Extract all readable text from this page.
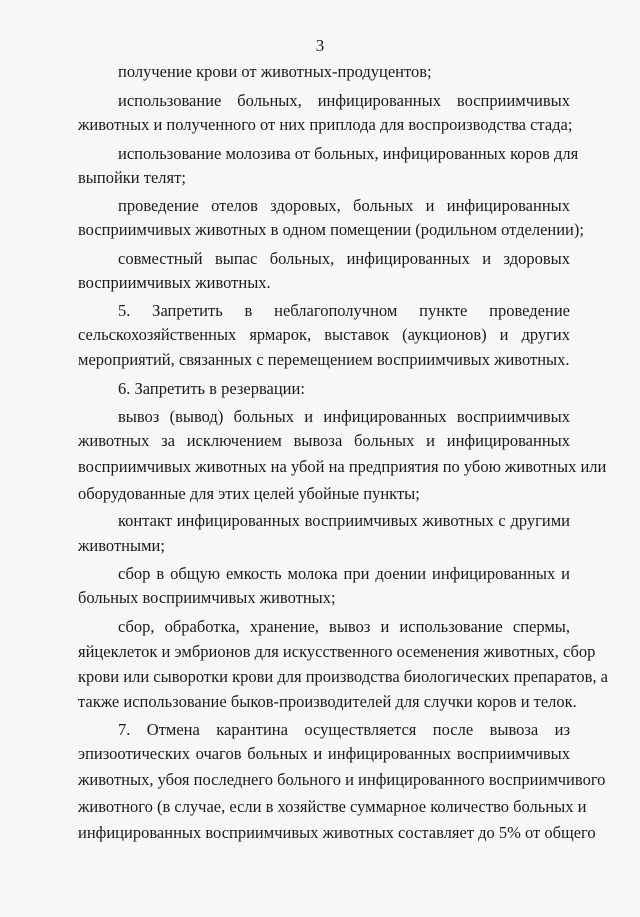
3
получение крови от животных-продуцентов;
использование больных, инфицированных восприимчивых
животных и полученного от них приплода для воспроизводства стада;
использование молозива от больных, инфицированных коров для
выпойки телят;
проведение отелов здоровых, больных и инфицированных
восприимчивых животных в одном помещении (родильном отделении);
совместный выпас больных, инфицированных и здоровых
восприимчивых животных.
5. Запретить в неблагополучном пункте проведение
сельскохозяйственных ярмарок, выставок (аукционов) и других
мероприятий, связанных с перемещением восприимчивых животных.
6. Запретить в резервации:
вывоз (вывод) больных и инфицированных восприимчивых
животных за исключением вывоза больных и инфицированных
восприимчивых животных на убой на предприятия по убою животных или
оборудованные для этих целей убойные пункты;
контакт инфицированных восприимчивых животных с другими
животными;
сбор в общую емкость молока при доении инфицированных и
больных восприимчивых животных;
сбор, обработка, хранение, вывоз и использование спермы,
яйцеклеток и эмбрионов для искусственного осеменения животных, сбор
крови или сыворотки крови для производства биологических препаратов, а
также использование быков-производителей для случки коров и телок.
7. Отмена карантина осуществляется после вывоза из
эпизоотических очагов больных и инфицированных восприимчивых
животных, убоя последнего больного и инфицированного восприимчивого
животного (в случае, если в хозяйстве суммарное количество больных и
инфицированных восприимчивых животных составляет до 5% от общего
